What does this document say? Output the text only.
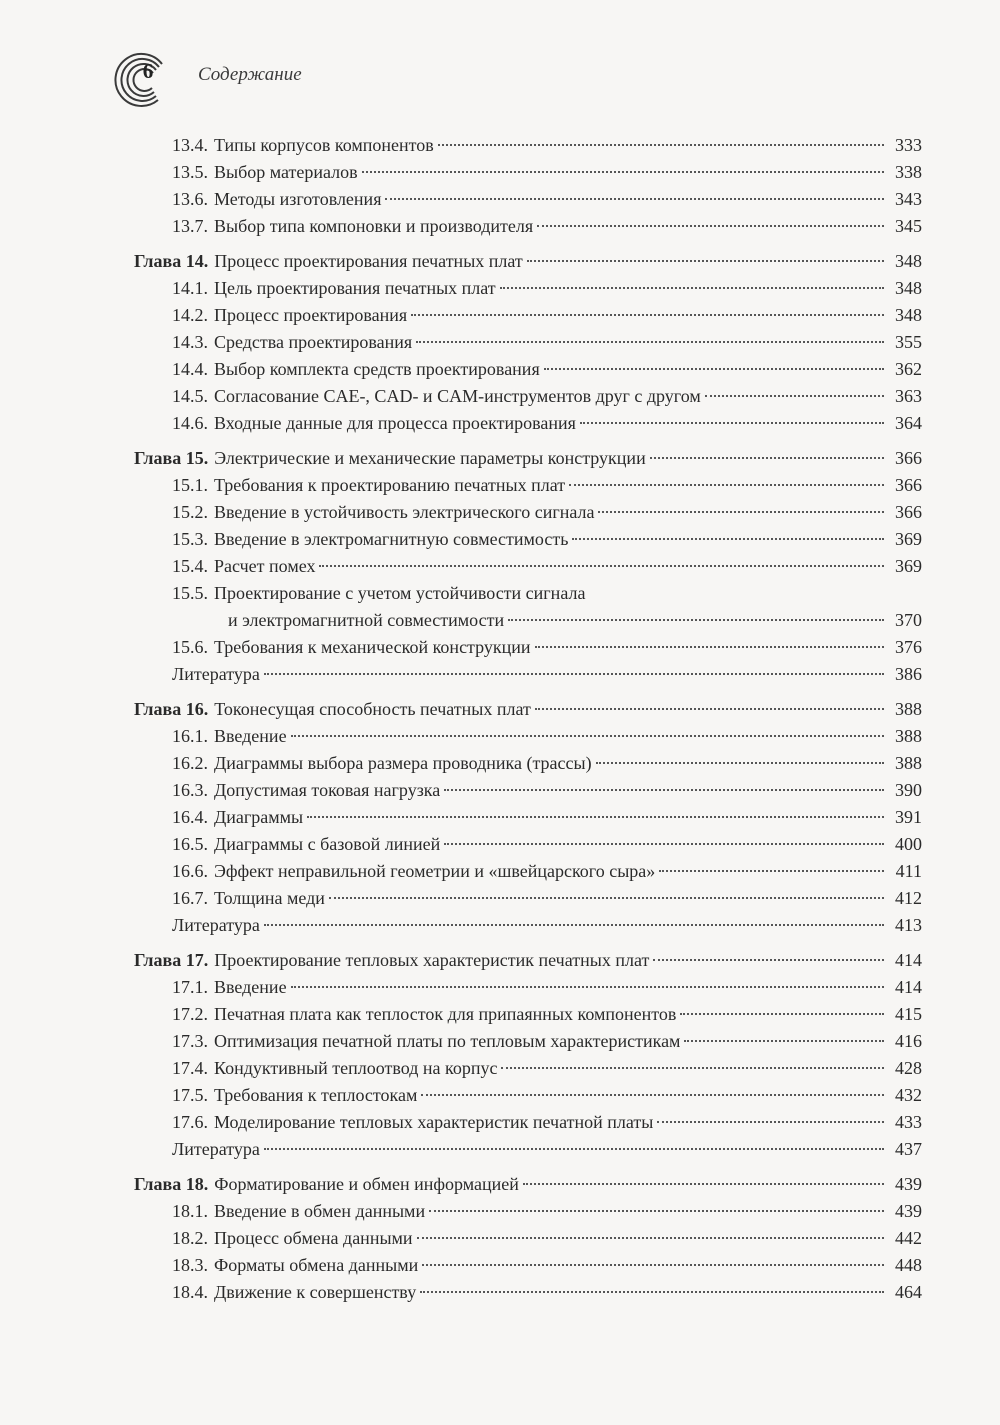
6	Содержание
13.4. Типы корпусов компонентов	333
13.5. Выбор материалов	338
13.6. Методы изготовления	343
13.7. Выбор типа компоновки и производителя	345
Глава 14. Процесс проектирования печатных плат	348
14.1. Цель проектирования печатных плат	348
14.2. Процесс проектирования	348
14.3. Средства проектирования	355
14.4. Выбор комплекта средств проектирования	362
14.5. Согласование CAE-, CAD- и CAM-инструментов друг с другом	363
14.6. Входные данные для процесса проектирования	364
Глава 15. Электрические и механические параметры конструкции	366
15.1. Требования к проектированию печатных плат	366
15.2. Введение в устойчивость электрического сигнала	366
15.3. Введение в электромагнитную совместимость	369
15.4. Расчет помех	369
15.5. Проектирование с учетом устойчивости сигнала
и электромагнитной совместимости	370
15.6. Требования к механической конструкции	376
Литература	386
Глава 16. Токонесущая способность печатных плат	388
16.1. Введение	388
16.2. Диаграммы выбора размера проводника (трассы)	388
16.3. Допустимая токовая нагрузка	390
16.4. Диаграммы	391
16.5. Диаграммы с базовой линией	400
16.6. Эффект неправильной геометрии и «швейцарского сыра»	411
16.7. Толщина меди	412
Литература	413
Глава 17. Проектирование тепловых характеристик печатных плат	414
17.1. Введение	414
17.2. Печатная плата как теплосток для припаянных компонентов	415
17.3. Оптимизация печатной платы по тепловым характеристикам	416
17.4. Кондуктивный теплоотвод на корпус	428
17.5. Требования к теплостокам	432
17.6. Моделирование тепловых характеристик печатной платы	433
Литература	437
Глава 18. Форматирование и обмен информацией	439
18.1. Введение в обмен данными	439
18.2. Процесс обмена данными	442
18.3. Форматы обмена данными	448
18.4. Движение к совершенству	464
